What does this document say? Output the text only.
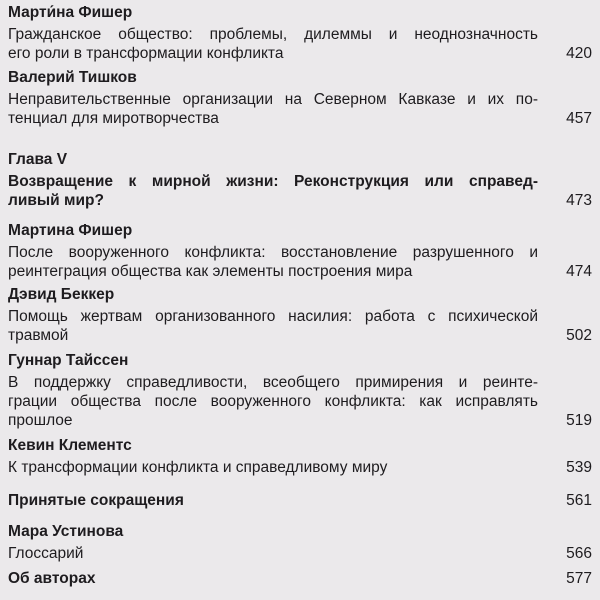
Марти́на Фишер
Гражданское общество: проблемы, дилеммы и неоднозначность
его роли в трансформации конфликта	420
Валерий Тишков
Неправительственные организации на Северном Кавказе и их по-
тенциал для миротворчества	457
Глава V
Возвращение к мирной жизни: Реконструкция или справед-
ливый мир?	473
Мартина Фишер
После вооруженного конфликта: восстановление разрушенного и
реинтеграция общества как элементы построения мира	474
Дэвид Беккер
Помощь жертвам организованного насилия: работа с психической
травмой	502
Гуннар Тайссен
В поддержку справедливости, всеобщего примирения и реинте-
грации общества после вооруженного конфликта: как исправлять
прошлое	519
Кевин Клементс
К трансформации конфликта и справедливому миру	539
Принятые сокращения	561
Мара Устинова
Глоссарий	566
Об авторах	577
